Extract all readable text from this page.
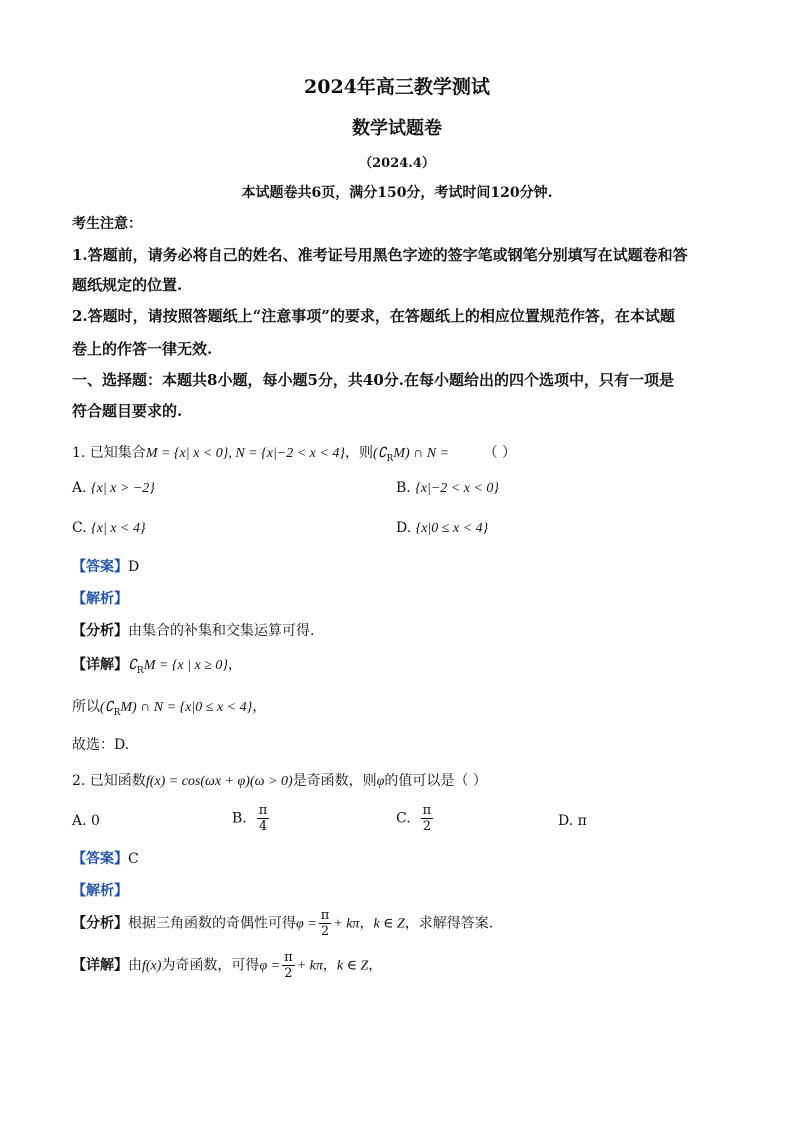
2024年高三教学测试
数学试题卷
（2024.4）
本试题卷共6页，满分150分，考试时间120分钟.
考生注意：
1.答题前，请务必将自己的姓名、准考证号用黑色字迹的签字笔或钢笔分别填写在试题卷和答
题纸规定的位置.
2.答题时，请按照答题纸上“注意事项”的要求，在答题纸上的相应位置规范作答，在本试题
卷上的作答一律无效.
一、选择题：本题共8小题，每小题5分，共40分.在每小题给出的四个选项中，只有一项是
符合题目要求的.
1. 已知集合M = {x| x < 0}, N = {x|−2 < x < 4}，则$(∁_RM)$ ∩ N = （ ）
A. {x| x > −2}	B. {x|−2 < x < 0}
C. {x| x < 4}	D. {x|0 ≤ x < 4}
【答案】D
【解析】
【分析】由集合的补集和交集运算可得.
【详解】$∁_RM = \{x$ | x ≥ 0}，
所以$(∁_RM)$ ∩ N = {x|0 ≤ x < 4}，
故选：D.
2. 已知函数f(x) = cos(ωx + φ)(ω > 0)是奇函数，则φ的值可以是（ ）
A. 0	B. $\frac{\pi}{4}$	C. $\frac{\pi}{2}$	D. π
【答案】C
【解析】
【分析】根据三角函数的奇偶性可得$\varphi = \frac{\pi}{2} + k\pi$，k ∈ Z，求解得答案.
【详解】由f(x)为奇函数，可得$\varphi = \frac{\pi}{2} + k\pi$，k ∈ Z，
